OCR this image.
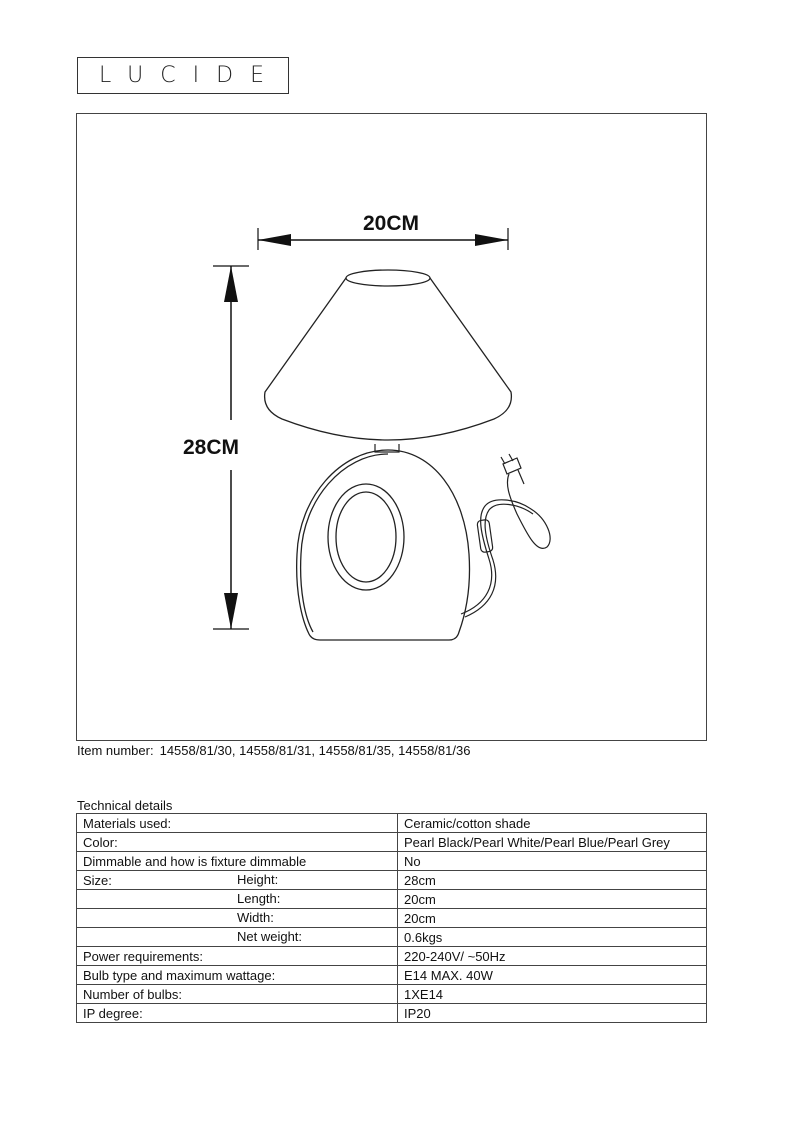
LUCIDE
20CM
28CM
Item number: 14558/81/30, 14558/81/31, 14558/81/35, 14558/81/36
Technical details
Materials used:	Ceramic/cotton shade
Color:	Pearl Black/Pearl White/Pearl Blue/Pearl Grey
Dimmable and how is fixture dimmable	No
Size: Height:	28cm

Length:	20cm

Width:	20cm

Net weight:	0.6kgs
Power requirements:	220-240V/ ~50Hz
Bulb type and maximum wattage:	E14 MAX. 40W
Number of bulbs:	1XE14
IP degree:	IP20
